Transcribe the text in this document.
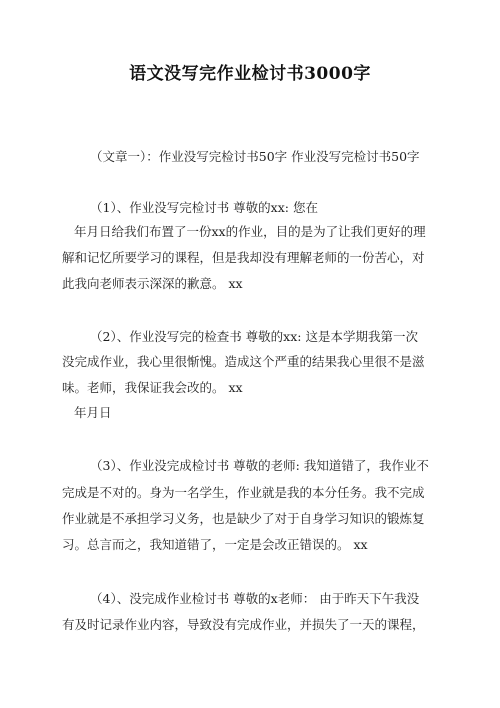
语文没写完作业检讨书3000字
（文章一）：作业没写完检讨书50字 作业没写完检讨书50字
（1）、作业没写完检讨书 尊敬的xx: 您在
年月日给我们布置了一份xx的作业，目的是为了让我们更好的理
解和记忆所要学习的课程，但是我却没有理解老师的一份苦心，对
此我向老师表示深深的歉意。 xx
（2）、作业没写完的检查书 尊敬的xx: 这是本学期我第一次
没完成作业，我心里很惭愧。造成这个严重的结果我心里很不是滋
味。老师，我保证我会改的。 xx
年月日
（3）、作业没完成检讨书 尊敬的老师: 我知道错了，我作业不
完成是不对的。身为一名学生，作业就是我的本分任务。我不完成
作业就是不承担学习义务，也是缺少了对于自身学习知识的锻炼复
习。总言而之，我知道错了，一定是会改正错误的。 xx
（4）、没完成作业检讨书 尊敬的x老师： 由于昨天下午我没
有及时记录作业内容，导致没有完成作业，并损失了一天的课程，
